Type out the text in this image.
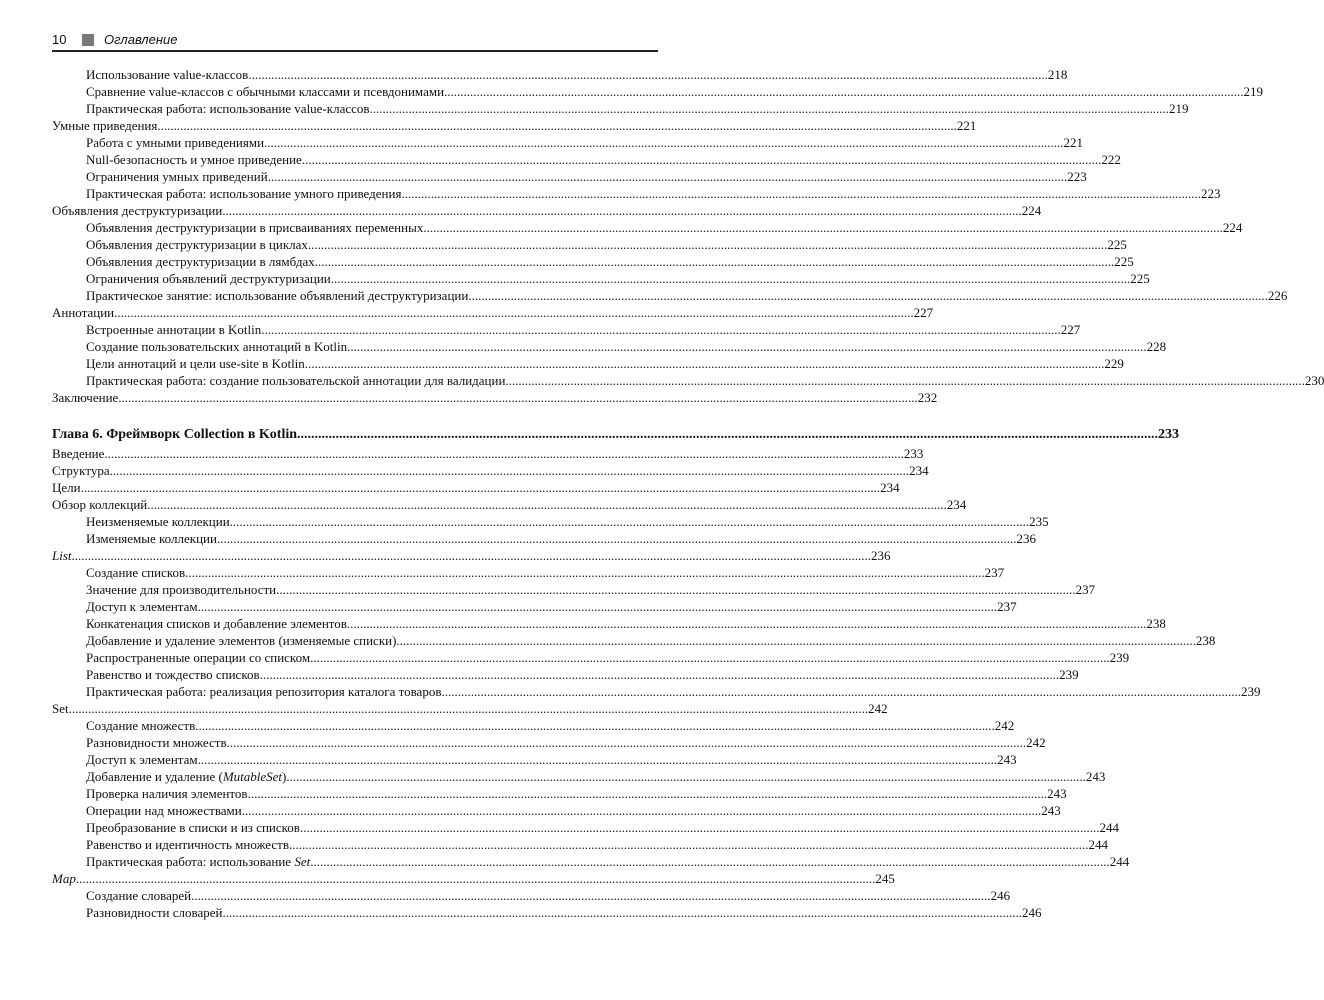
10	Оглавление
Использование value-классов .....	218
Сравнение value-классов с обычными классами и псевдонимами .....	219
Практическая работа: использование value-классов .....	219
Умные приведения .....	221
Работа с умными приведениями .....	221
Null-безопасность и умное приведение .....	222
Ограничения умных приведений .....	223
Практическая работа: использование умного приведения .....	223
Объявления деструктуризации .....	224
Объявления деструктуризации в присваиваниях переменных .....	224
Объявления деструктуризации в циклах .....	225
Объявления деструктуризации в лямбдах .....	225
Ограничения объявлений деструктуризации .....	225
Практическое занятие: использование объявлений деструктуризации .....	226
Аннотации .....	227
Встроенные аннотации в Kotlin .....	227
Создание пользовательских аннотаций в Kotlin .....	228
Цели аннотаций и цели use-site в Kotlin .....	229
Практическая работа: создание пользовательской аннотации для валидации .....	230
Заключение .....	232
Глава 6. Фреймворк Collection в Kotlin .....	233
Введение .....	233
Структура .....	234
Цели .....	234
Обзор коллекций .....	234
Неизменяемые коллекции .....	235
Изменяемые коллекции .....	236
List .....	236
Создание списков .....	237
Значение для производительности .....	237
Доступ к элементам .....	237
Конкатенация списков и добавление элементов .....	238
Добавление и удаление элементов (изменяемые списки) .....	238
Распространенные операции со списком .....	239
Равенство и тождество списков .....	239
Практическая работа: реализация репозитория каталога товаров .....	239
Set .....	242
Создание множеств .....	242
Разновидности множеств .....	242
Доступ к элементам .....	243
Добавление и удаление (MutableSet) .....	243
Проверка наличия элементов .....	243
Операции над множествами .....	243
Преобразование в списки и из списков .....	244
Равенство и идентичность множеств .....	244
Практическая работа: использование Set .....	244
Map .....	245
Создание словарей .....	246
Разновидности словарей .....	246
